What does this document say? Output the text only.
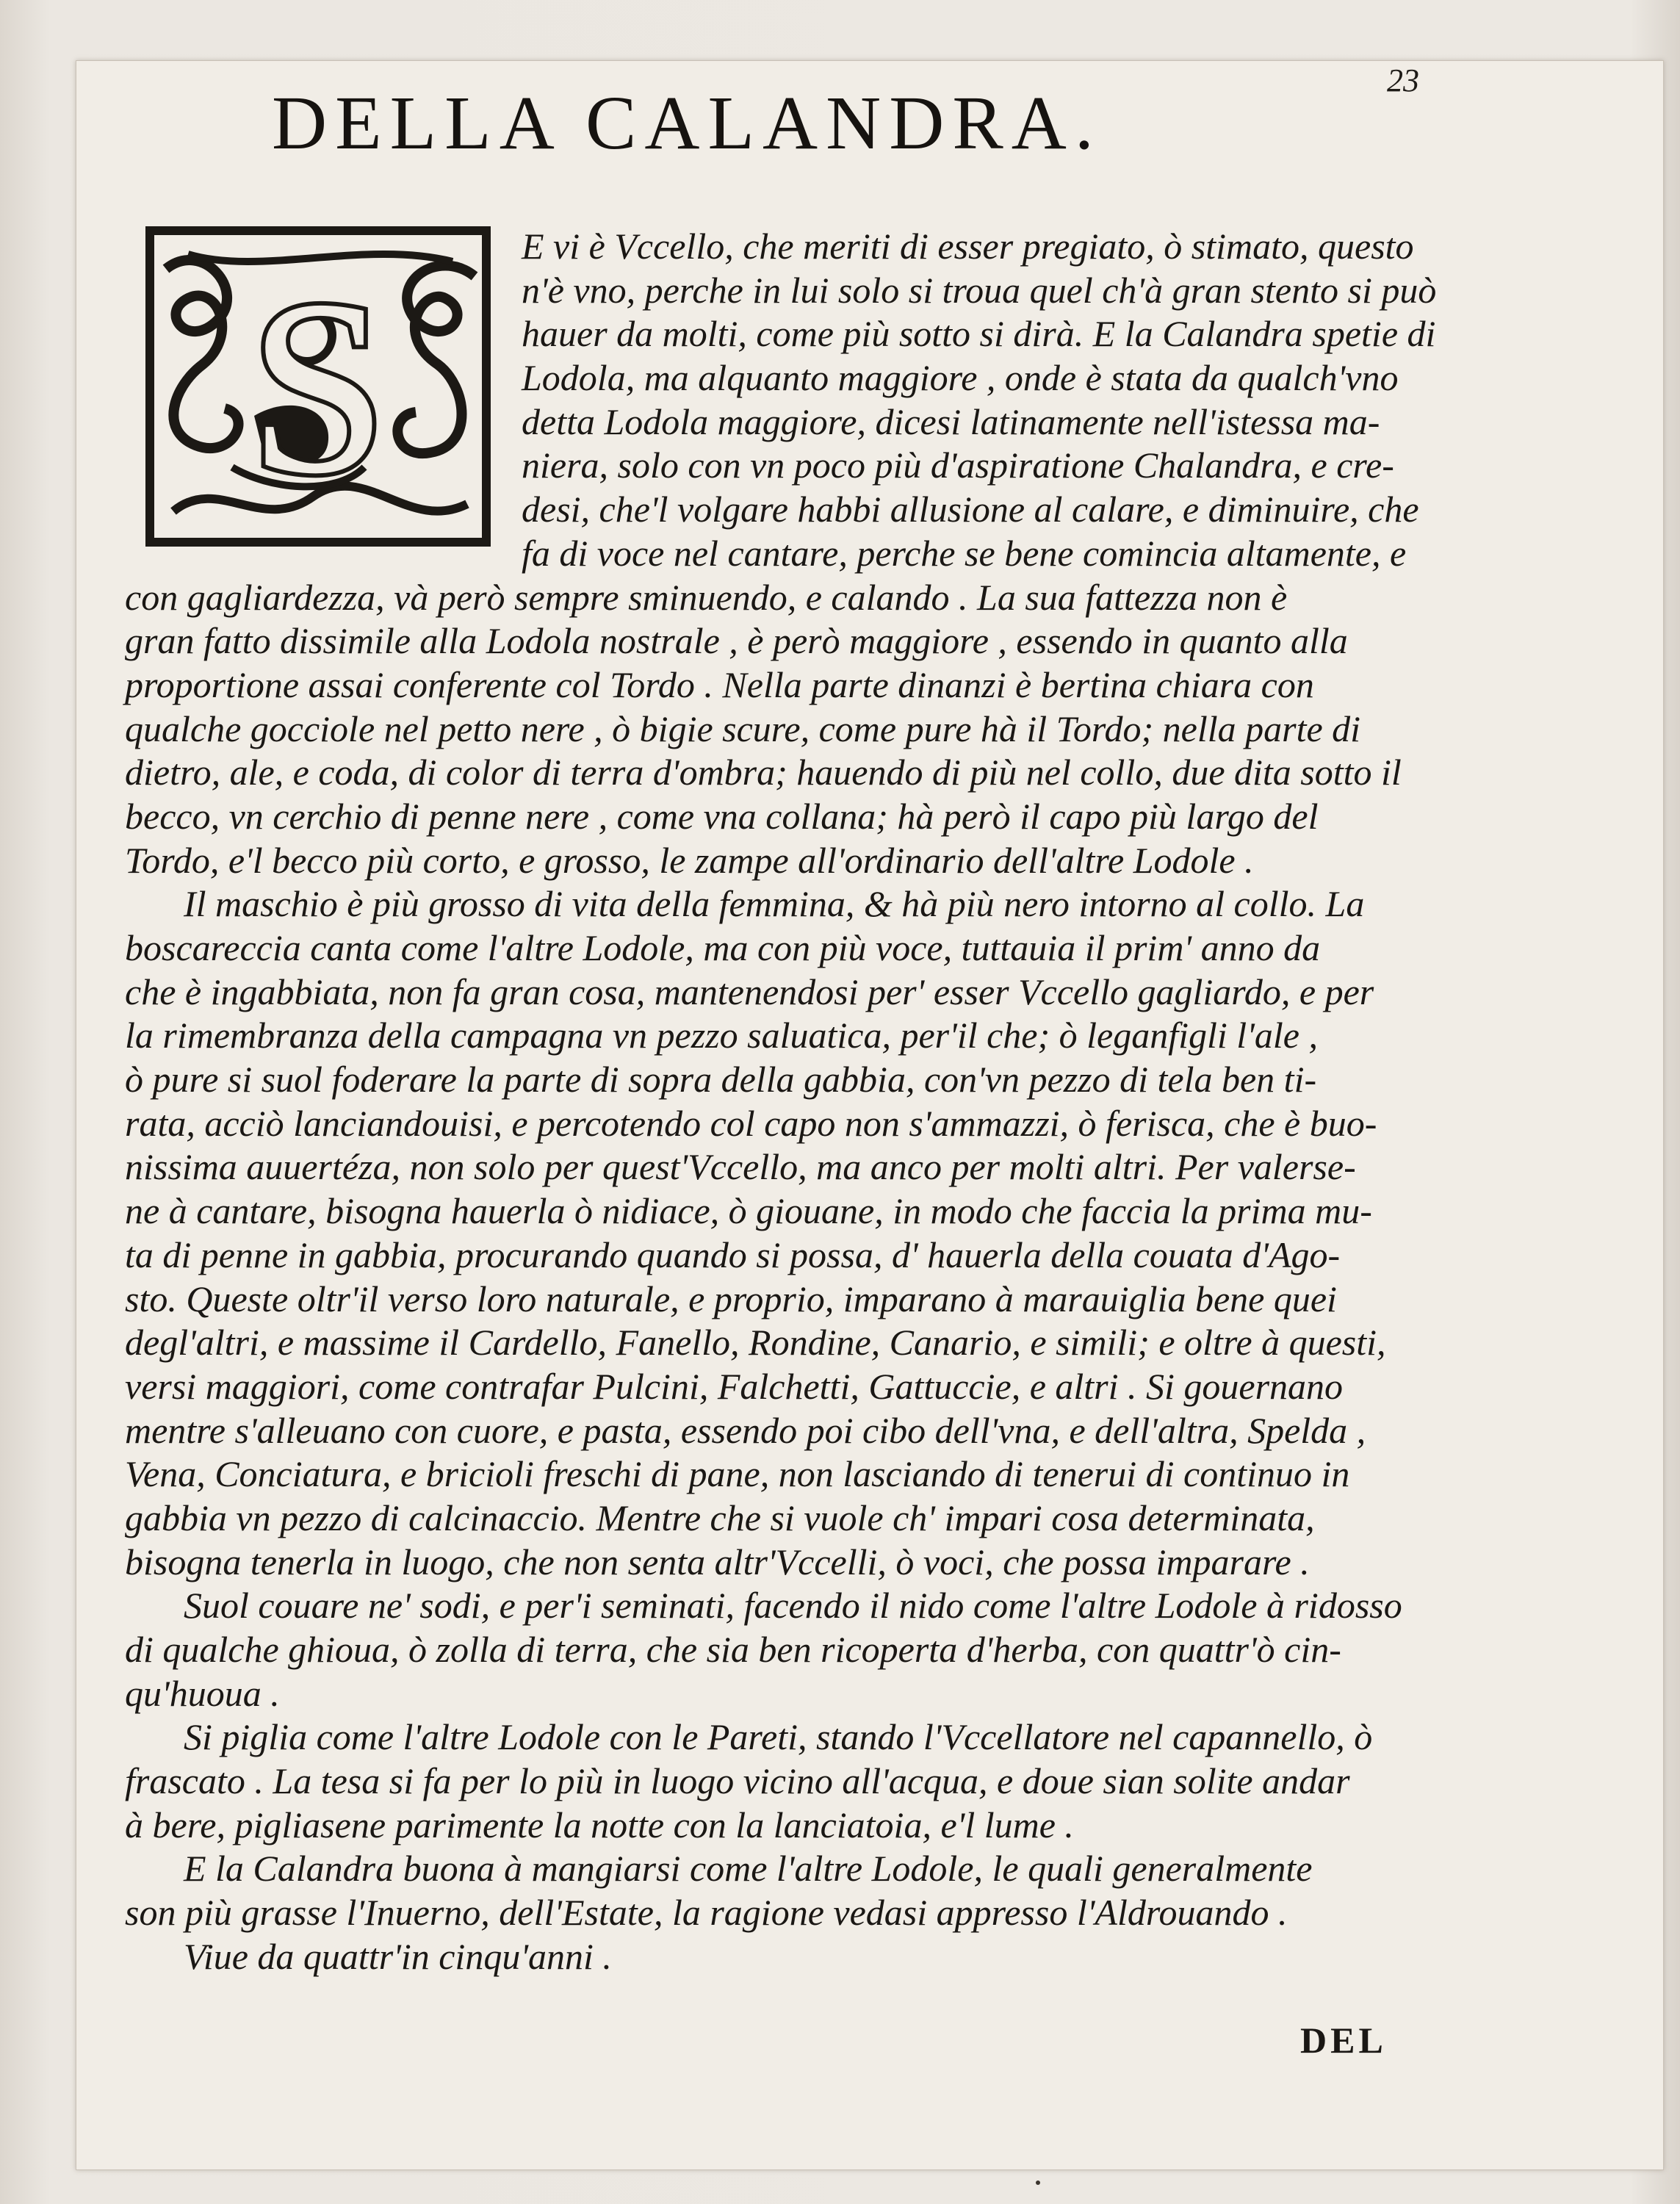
23
DELLA CALANDRA.
S
E vi è Vccello, che meriti di esser pregiato, ò stimato, questo
n'è vno, perche in lui solo si troua quel ch'à gran stento si può
hauer da molti, come più sotto si dirà. E la Calandra spetie di
Lodola, ma alquanto maggiore , onde è stata da qualch'vno
detta Lodola maggiore, dicesi latinamente nell'istessa ma-
niera, solo con vn poco più d'aspiratione Chalandra, e cre-
desi, che'l volgare habbi allusione al calare, e diminuire, che
fa di voce nel cantare, perche se bene comincia altamente, e
con gagliardezza, và però sempre sminuendo, e calando . La sua fattezza non è
gran fatto dissimile alla Lodola nostrale , è però maggiore , essendo in quanto alla
proportione assai conferente col Tordo . Nella parte dinanzi è bertina chiara con
qualche gocciole nel petto nere , ò bigie scure, come pure hà il Tordo; nella parte di
dietro, ale, e coda, di color di terra d'ombra; hauendo di più nel collo, due dita sotto il
becco, vn cerchio di penne nere , come vna collana; hà però il capo più largo del
Tordo, e'l becco più corto, e grosso, le zampe all'ordinario dell'altre Lodole .
Il maschio è più grosso di vita della femmina, & hà più nero intorno al collo. La
boscareccia canta come l'altre Lodole, ma con più voce, tuttauia il prim' anno da
che è ingabbiata, non fa gran cosa, mantenendosi per' esser Vccello gagliardo, e per
la rimembranza della campagna vn pezzo saluatica, per'il che; ò leganfigli l'ale ,
ò pure si suol foderare la parte di sopra della gabbia, con'vn pezzo di tela ben ti-
rata, acciò lanciandouisi, e percotendo col capo non s'ammazzi, ò ferisca, che è buo-
nissima auuertéza, non solo per quest'Vccello, ma anco per molti altri. Per valerse-
ne à cantare, bisogna hauerla ò nidiace, ò giouane, in modo che faccia la prima mu-
ta di penne in gabbia, procurando quando si possa, d' hauerla della couata d'Ago-
sto. Queste oltr'il verso loro naturale, e proprio, imparano à marauiglia bene quei
degl'altri, e massime il Cardello, Fanello, Rondine, Canario, e simili; e oltre à questi,
versi maggiori, come contrafar Pulcini, Falchetti, Gattuccie, e altri . Si gouernano
mentre s'alleuano con cuore, e pasta, essendo poi cibo dell'vna, e dell'altra, Spelda ,
Vena, Conciatura, e bricioli freschi di pane, non lasciando di tenerui di continuo in
gabbia vn pezzo di calcinaccio. Mentre che si vuole ch' impari cosa determinata,
bisogna tenerla in luogo, che non senta altr'Vccelli, ò voci, che possa imparare .
Suol couare ne' sodi, e per'i seminati, facendo il nido come l'altre Lodole à ridosso
di qualche ghioua, ò zolla di terra, che sia ben ricoperta d'herba, con quattr'ò cin-
qu'huoua .
Si piglia come l'altre Lodole con le Pareti, stando l'Vccellatore nel capannello, ò
frascato . La tesa si fa per lo più in luogo vicino all'acqua, e doue sian solite andar
à bere, pigliasene parimente la notte con la lanciatoia, e'l lume .
E la Calandra buona à mangiarsi come l'altre Lodole, le quali generalmente
son più grasse l'Inuerno, dell'Estate, la ragione vedasi appresso l'Aldrouando .
Viue da quattr'in cinqu'anni .
DEL
